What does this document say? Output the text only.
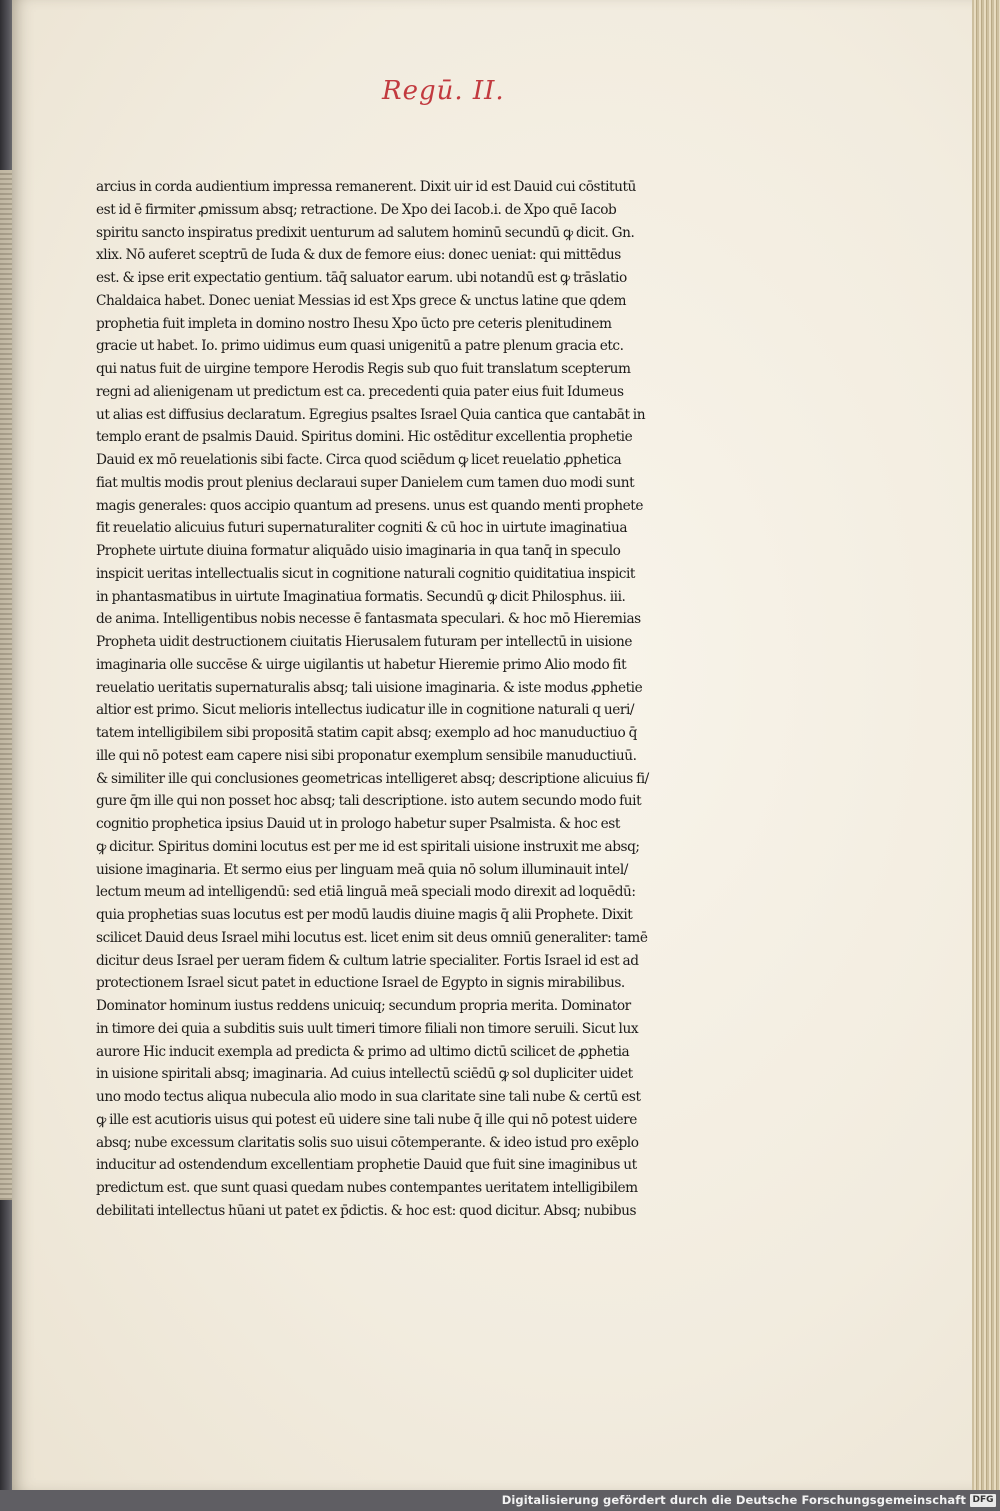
Regū. II.
arcius in corda audientium impressa remanerent. Dixit uir id est Dauid cui cōstitutū
est id ē firmiter ꝓmissum absq; retractione. De Xpo dei Iacob.i. de Xpo quē Iacob
spiritu sancto inspiratus predixit uenturum ad salutem hominū secundū ꝙ dicit. Gn.
xlix. Nō auferet sceptrū de Iuda & dux de femore eius: donec ueniat: qui mittēdus
est. & ipse erit expectatio gentium. tāq̄ saluator earum. ubi notandū est ꝙ trāslatio
Chaldaica habet. Donec ueniat Messias id est Xps grece & unctus latine que qdem
prophetia fuit impleta in domino nostro Ihesu Xpo ūcto pre ceteris plenitudinem
gracie ut habet. Io. primo uidimus eum quasi unigenitū a patre plenum gracia etc.
qui natus fuit de uirgine tempore Herodis Regis sub quo fuit translatum scepterum
regni ad alienigenam ut predictum est ca. precedenti quia pater eius fuit Idumeus
ut alias est diffusius declaratum. Egregius psaltes Israel Quia cantica que cantabāt in
templo erant de psalmis Dauid. Spiritus domini. Hic ostēditur excellentia prophetie
Dauid ex mō reuelationis sibi facte. Circa quod sciēdum ꝙ licet reuelatio ꝓphetica
fiat multis modis prout plenius declaraui super Danielem cum tamen duo modi sunt
magis generales: quos accipio quantum ad presens. unus est quando menti prophete
fit reuelatio alicuius futuri supernaturaliter cogniti & cū hoc in uirtute imaginatiua
Prophete uirtute diuina formatur aliquādo uisio imaginaria in qua tanq̄ in speculo
inspicit ueritas intellectualis sicut in cognitione naturali cognitio quiditatiua inspicit
in phantasmatibus in uirtute Imaginatiua formatis. Secundū ꝙ dicit Philosphus. iii.
de anima. Intelligentibus nobis necesse ē fantasmata speculari. & hoc mō Hieremias
Propheta uidit destructionem ciuitatis Hierusalem futuram per intellectū in uisione
imaginaria olle succēse & uirge uigilantis ut habetur Hieremie primo Alio modo fit
reuelatio ueritatis supernaturalis absq; tali uisione imaginaria. & iste modus ꝓphetie
altior est primo. Sicut melioris intellectus iudicatur ille in cognitione naturali q ueri/
tatem intelligibilem sibi propositā statim capit absq; exemplo ad hoc manuductiuo q̄
ille qui nō potest eam capere nisi sibi proponatur exemplum sensibile manuductiuū.
& similiter ille qui conclusiones geometricas intelligeret absq; descriptione alicuius fi/
gure q̄m ille qui non posset hoc absq; tali descriptione. isto autem secundo modo fuit
cognitio prophetica ipsius Dauid ut in prologo habetur super Psalmista. & hoc est
ꝙ dicitur. Spiritus domini locutus est per me id est spiritali uisione instruxit me absq;
uisione imaginaria. Et sermo eius per linguam meā quia nō solum illuminauit intel/
lectum meum ad intelligendū: sed etiā linguā meā speciali modo direxit ad loquēdū:
quia prophetias suas locutus est per modū laudis diuine magis q̄ alii Prophete. Dixit
scilicet Dauid deus Israel mihi locutus est. licet enim sit deus omniū generaliter: tamē
dicitur deus Israel per ueram fidem & cultum latrie specialiter. Fortis Israel id est ad
protectionem Israel sicut patet in eductione Israel de Egypto in signis mirabilibus.
Dominator hominum iustus reddens unicuiq; secundum propria merita. Dominator
in timore dei quia a subditis suis uult timeri timore filiali non timore seruili. Sicut lux
aurore Hic inducit exempla ad predicta & primo ad ultimo dictū scilicet de ꝓphetia
in uisione spiritali absq; imaginaria. Ad cuius intellectū sciēdū ꝙ sol dupliciter uidet
uno modo tectus aliqua nubecula alio modo in sua claritate sine tali nube & certū est
ꝙ ille est acutioris uisus qui potest eū uidere sine tali nube q̄ ille qui nō potest uidere
absq; nube excessum claritatis solis suo uisui cōtemperante. & ideo istud pro exēplo
inducitur ad ostendendum excellentiam prophetie Dauid que fuit sine imaginibus ut
predictum est. que sunt quasi quedam nubes contempantes ueritatem intelligibilem
debilitati intellectus hūani ut patet ex p̄dictis. & hoc est: quod dicitur. Absq; nubibus
Digitalisierung gefördert durch die Deutsche Forschungsgemeinschaft DFG
